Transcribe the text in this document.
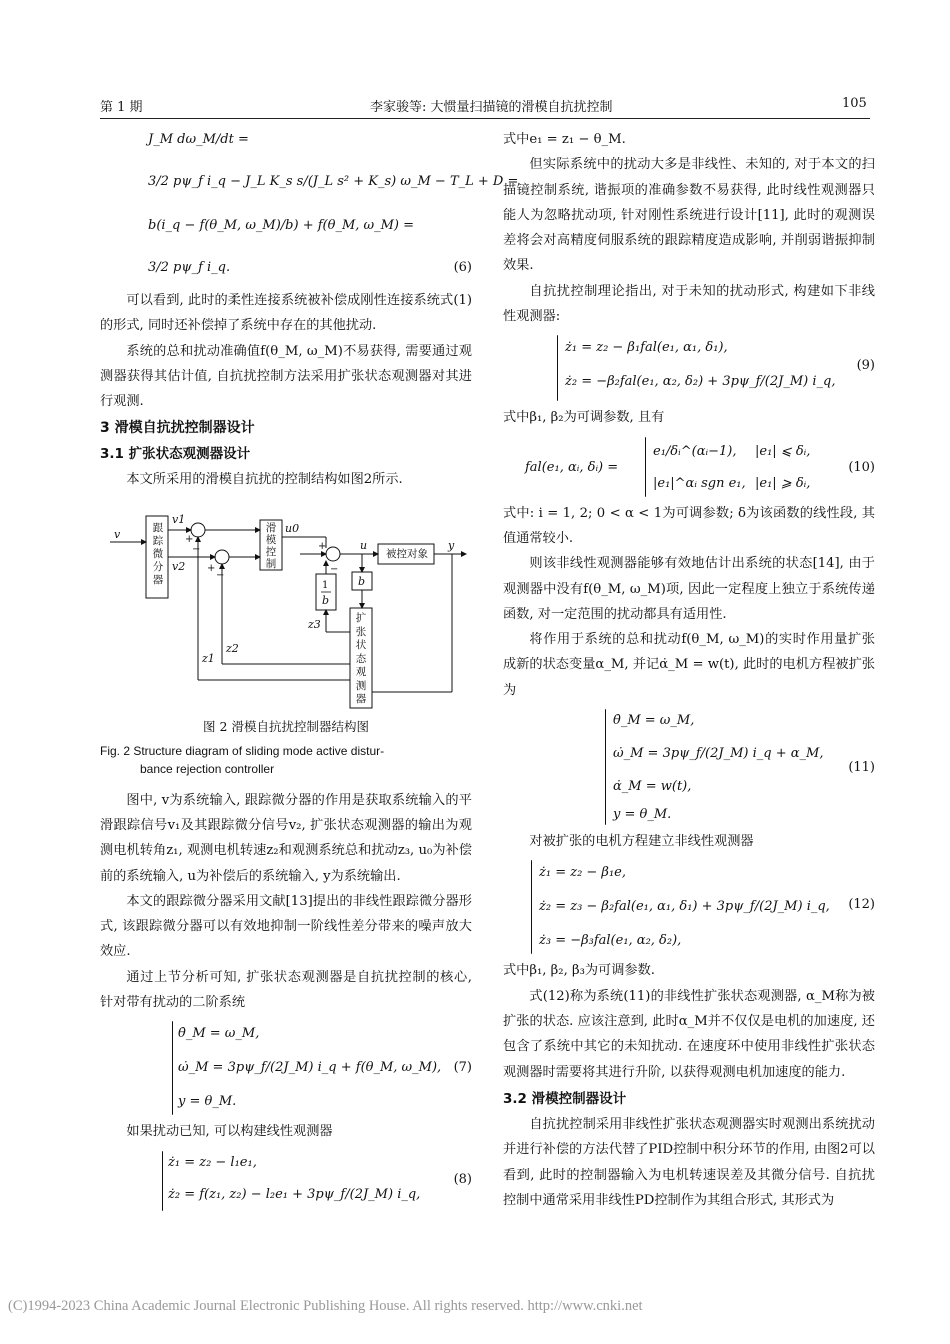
第 1 期	李家骏等: 大惯量扫描镜的滑模自抗扰控制	105
J_M dω_M/dt =
3/2 pψ_f i_q − J_L K_s s/(J_L s² + K_s) ω_M − T_L + D =
b(i_q − f(θ_M, ω_M)/b) + f(θ_M, ω_M) =
3/2 pψ_f i_q.	(6)

可以看到, 此时的柔性连接系统被补偿成刚性连接系统式(1)的形式, 同时还补偿掉了系统中存在的其他扰动.

系统的总和扰动准确值f(θ_M, ω_M)不易获得, 需要通过观测器获得其估计值, 自抗扰控制方法采用扩张状态观测器对其进行观测.

3 滑模自抗扰控制器设计
3.1 扩张状态观测器设计

本文所采用的滑模自抗扰的控制结构如图2所示.

v
v1
v2
u0
u	y
z1
z2
z3
b
b
1
+
−
+
−
+
−
跟踪微分器
滑模控制
被控对象
扩张状态观测器
图 2 滑模自抗扰控制器结构图
Fig. 2 Structure diagram of sliding mode active distur-
bance rejection controller

图中, v为系统输入, 跟踪微分器的作用是获取系统输入的平滑跟踪信号v₁及其跟踪微分信号v₂, 扩张状态观测器的输出为观测电机转角z₁, 观测电机转速z₂和观测系统总和扰动z₃, u₀为补偿前的系统输入, u为补偿后的系统输入, y为系统输出.

本文的跟踪微分器采用文献[13]提出的非线性跟踪微分器形式, 该跟踪微分器可以有效地抑制一阶线性差分带来的噪声放大效应.

通过上节分析可知, 扩张状态观测器是自抗扰控制的核心, 针对带有扰动的二阶系统

θ̇_M = ω_M,
ω̇_M = 3pψ_f/(2J_M) i_q + f(θ_M, ω_M),
y = θ_M.
(7)

如果扰动已知, 可以构建线性观测器

ż₁ = z₂ − l₁e₁,
ż₂ = f(z₁, z₂) − l₂e₁ + 3pψ_f/(2J_M) i_q,
(8)

式中e₁ = z₁ − θ_M.

但实际系统中的扰动大多是非线性、未知的, 对于本文的扫描镜控制系统, 谐振项的准确参数不易获得, 此时线性观测器只能人为忽略扰动项, 针对刚性系统进行设计[11], 此时的观测误差将会对高精度伺服系统的跟踪精度造成影响, 并削弱谐振抑制效果.

自抗扰控制理论指出, 对于未知的扰动形式, 构建如下非线性观测器:

ż₁ = z₂ − β₁fal(e₁, α₁, δ₁),
ż₂ = −β₂fal(e₁, α₂, δ₂) + 3pψ_f/(2J_M) i_q,
(9)

式中β₁, β₂为可调参数, 且有

fal(e₁, αᵢ, δᵢ) =
e₁/δᵢ^(αᵢ−1), |e₁| ⩽ δᵢ,
|e₁|^αᵢ sgn e₁, |e₁| ⩾ δᵢ,
(10)

式中: i = 1, 2; 0 < α < 1为可调参数; δ为该函数的线性段, 其值通常较小.

则该非线性观测器能够有效地估计出系统的状态[14], 由于观测器中没有f(θ_M, ω_M)项, 因此一定程度上独立于系统传递函数, 对一定范围的扰动都具有适用性.

将作用于系统的总和扰动f(θ_M, ω_M)的实时作用量扩张成新的状态变量α_M, 并记α̇_M = w(t), 此时的电机方程被扩张为

θ̇_M = ω_M,
ω̇_M = 3pψ_f/(2J_M) i_q + α_M,
α̇_M = w(t),
y = θ_M.
(11)

对被扩张的电机方程建立非线性观测器

ż₁ = z₂ − β₁e,
ż₂ = z₃ − β₂fal(e₁, α₁, δ₁) + 3pψ_f/(2J_M) i_q,
ż₃ = −β₃fal(e₁, α₂, δ₂),
(12)

式中β₁, β₂, β₃为可调参数.

式(12)称为系统(11)的非线性扩张状态观测器, α_M称为被扩张的状态. 应该注意到, 此时α_M并不仅仅是电机的加速度, 还包含了系统中其它的未知扰动. 在速度环中使用非线性扩张状态观测器时需要将其进行升阶, 以获得观测电机加速度的能力.

3.2 滑模控制器设计

自抗扰控制采用非线性扩张状态观测器实时观测出系统扰动并进行补偿的方法代替了PID控制中积分环节的作用, 由图2可以看到, 此时的控制器输入为电机转速误差及其微分信号. 自抗扰控制中通常采用非线性PD控制作为其组合形式, 其形式为

(C)1994-2023 China Academic Journal Electronic Publishing House. All rights reserved. http://www.cnki.net
